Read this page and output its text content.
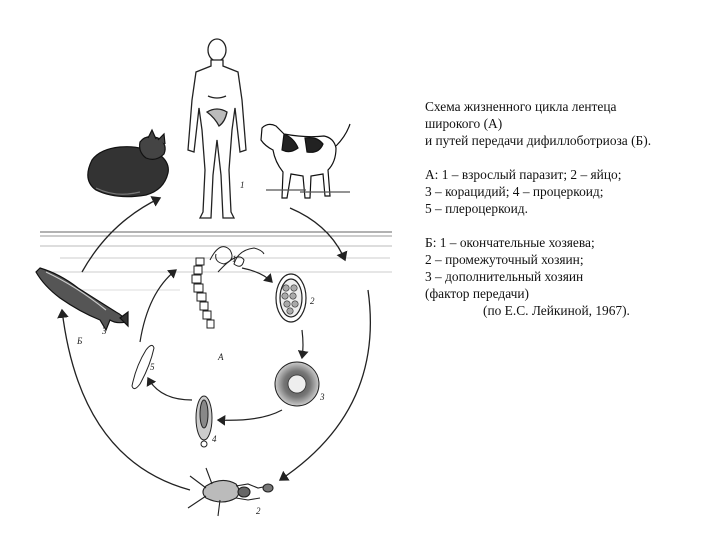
1
1
2
3
4
5
А
3
Б
2

Схема жизненного цикла лентеца

широкого (А)

и путей передачи дифиллоботриоза (Б).

А: 1 – взрослый паразит; 2 – яйцо;

3 – корацидий; 4 – процеркоид;

5 – плероцеркоид.

Б: 1 – окончательные хозяева;

2 – промежуточный хозяин;

3 – дополнительный хозяин

(фактор передачи)

(по Е.С. Лейкиной, 1967).
